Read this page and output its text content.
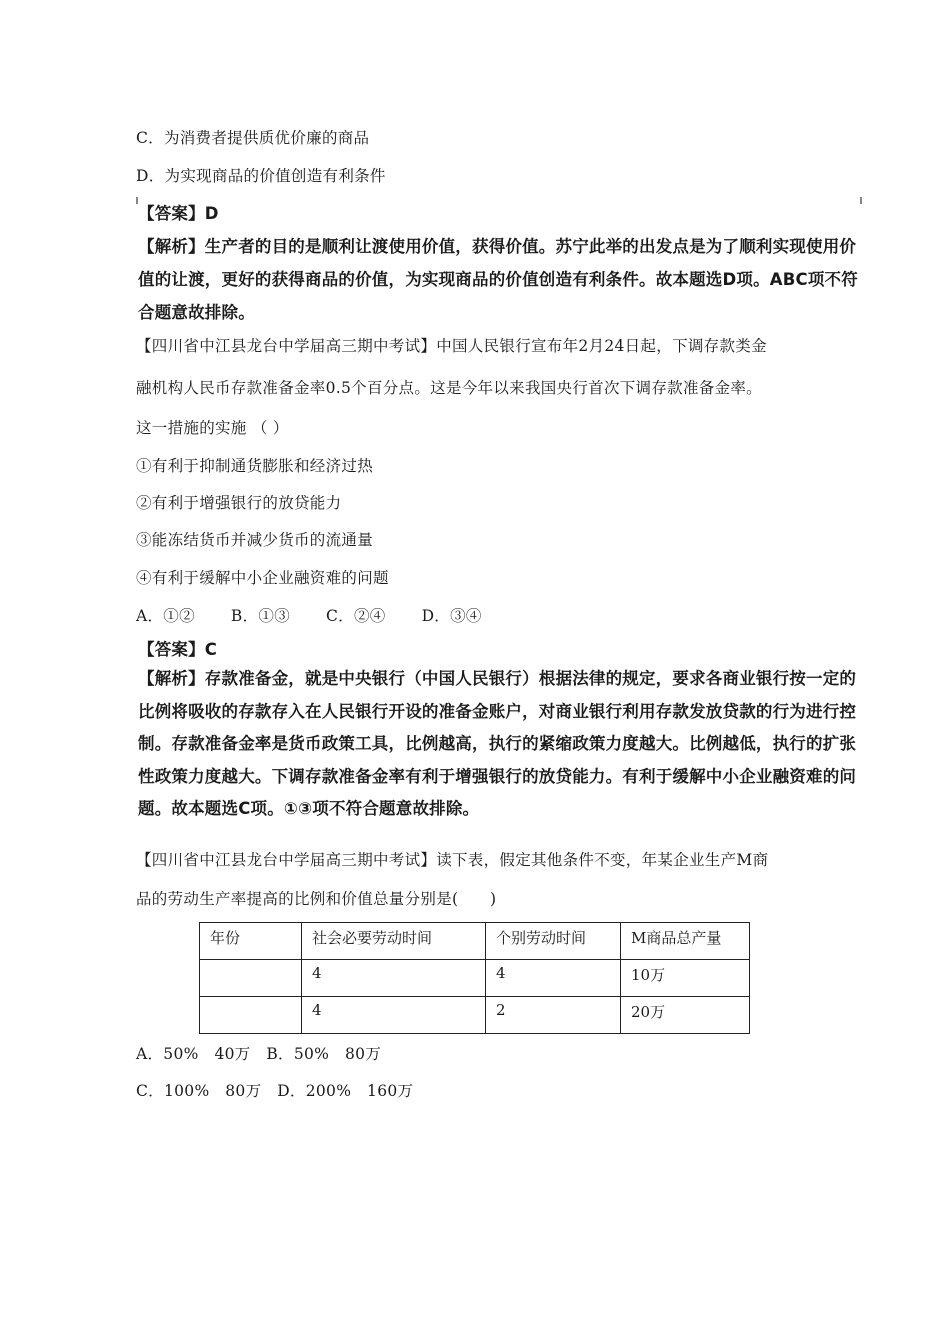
C．为消费者提供质优价廉的商品
D．为实现商品的价值创造有利条件
【答案】D
【解析】生产者的目的是顺利让渡使用价值，获得价值。苏宁此举的出发点是为了顺利实现使用价值的让渡，更好的获得商品的价值，为实现商品的价值创造有利条件。故本题选D项。ABC项不符合题意故排除。
【四川省中江县龙台中学届高三期中考试】中国人民银行宣布年2月24日起，下调存款类金
融机构人民币存款准备金率0.5个百分点。这是今年以来我国央行首次下调存款准备金率。
这一措施的实施 （ ）
①有利于抑制通货膨胀和经济过热
②有利于增强银行的放贷能力
③能冻结货币并减少货币的流通量
④有利于缓解中小企业融资难的问题
A．①② B．①③ C．②④ D．③④
【答案】C
【解析】存款准备金，就是中央银行（中国人民银行）根据法律的规定，要求各商业银行按一定的比例将吸收的存款存入在人民银行开设的准备金账户，对商业银行利用存款发放贷款的行为进行控制。存款准备金率是货币政策工具，比例越高，执行的紧缩政策力度越大。比例越低，执行的扩张性政策力度越大。下调存款准备金率有利于增强银行的放贷能力。有利于缓解中小企业融资难的问题。故本题选C项。①③项不符合题意故排除。
【四川省中江县龙台中学届高三期中考试】读下表，假定其他条件不变，年某企业生产M商
品的劳动生产率提高的比例和价值总量分别是(　　)
年份	社会必要劳动时间	个别劳动时间	M商品总产量
	4	4	10万
	4	2	20万
A．50%　40万　B．50%　80万
C．100%　80万　D．200%　160万
